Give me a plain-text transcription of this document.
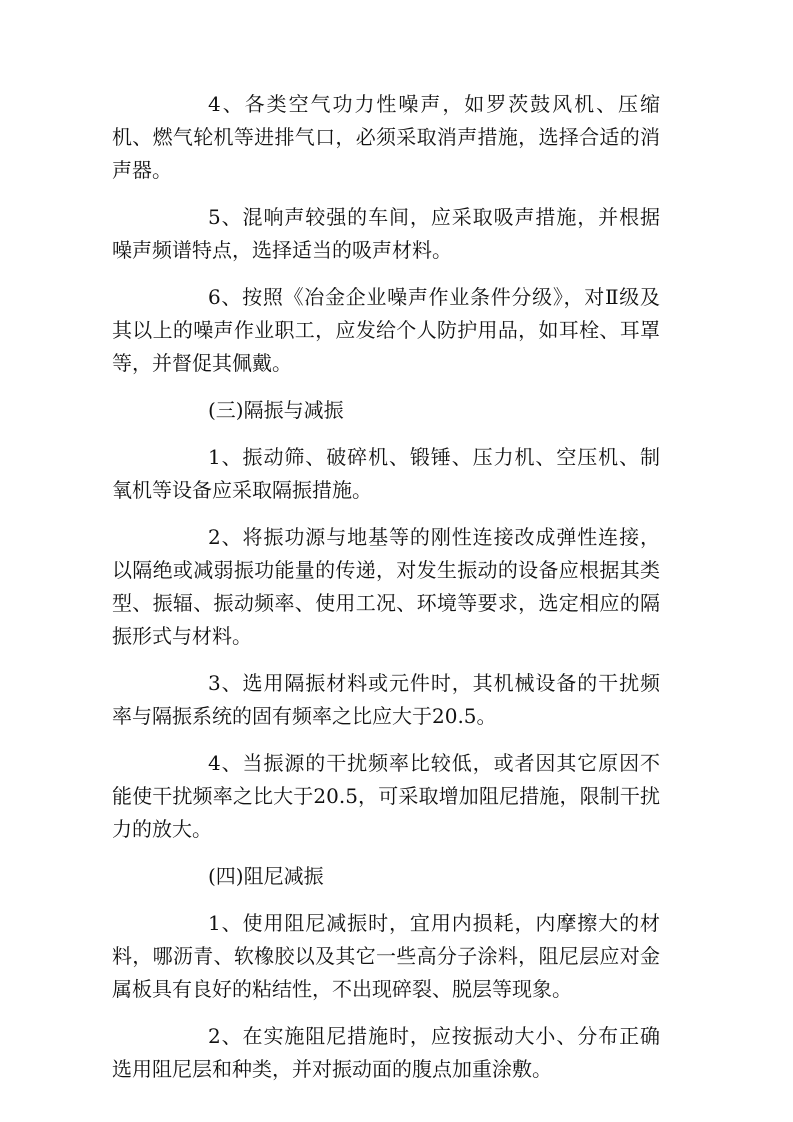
4、各类空气功力性噪声，如罗茨鼓风机、压缩机、燃气轮机等进排气口，必须采取消声措施，选择合适的消声器。

5、混响声较强的车间，应采取吸声措施，并根据噪声频谱特点，选择适当的吸声材料。

6、按照《冶金企业噪声作业条件分级》，对Ⅱ级及其以上的噪声作业职工，应发给个人防护用品，如耳栓、耳罩等，并督促其佩戴。

(三)隔振与减振

1、振动筛、破碎机、锻锤、压力机、空压机、制氧机等设备应采取隔振措施。

2、将振功源与地基等的刚性连接改成弹性连接，以隔绝或减弱振功能量的传递，对发生振动的设备应根据其类型、振辐、振动频率、使用工况、环境等要求，选定相应的隔振形式与材料。

3、选用隔振材料或元件时，其机械设备的干扰频率与隔振系统的固有频率之比应大于20.5。

4、当振源的干扰频率比较低，或者因其它原因不能使干扰频率之比大于20.5，可采取增加阻尼措施，限制干扰力的放大。

(四)阻尼减振

1、使用阻尼减振时，宜用内损耗，内摩擦大的材料，哪沥青、软橡胶以及其它一些高分子涂料，阻尼层应对金属板具有良好的粘结性，不出现碎裂、脱层等现象。

2、在实施阻尼措施时，应按振动大小、分布正确选用阻尼层和种类，并对振动面的腹点加重涂敷。
